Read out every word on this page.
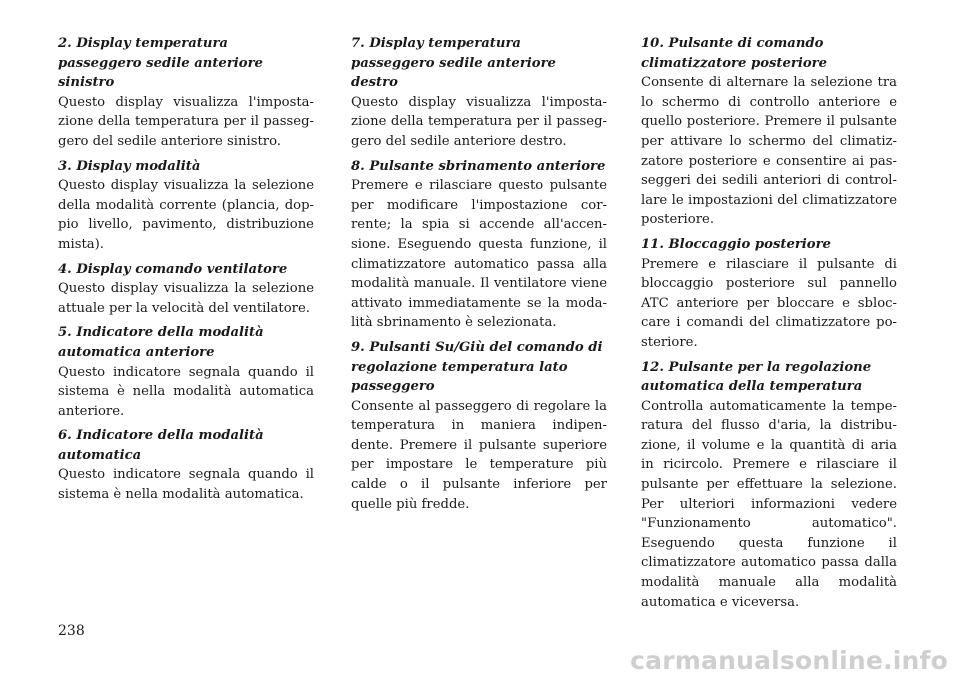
2. Display temperatura passeggero sedile anteriore sinistro

Questo display visualizza l'impostazione della temperatura per il passeggero del sedile anteriore sinistro.

3. Display modalità

Questo display visualizza la selezione della modalità corrente (plancia, doppio livello, pavimento, distribuzione mista).

4. Display comando ventilatore

Questo display visualizza la selezione attuale per la velocità del ventilatore.

5. Indicatore della modalità automatica anteriore

Questo indicatore segnala quando il sistema è nella modalità automatica anteriore.

6. Indicatore della modalità automatica

Questo indicatore segnala quando il sistema è nella modalità automatica.

7. Display temperatura passeggero sedile anteriore destro

Questo display visualizza l'impostazione della temperatura per il passeggero del sedile anteriore destro.

8. Pulsante sbrinamento anteriore

Premere e rilasciare questo pulsante per modificare l'impostazione corrente; la spia si accende all'accensione. Eseguendo questa funzione, il climatizzatore automatico passa alla modalità manuale. Il ventilatore viene attivato immediatamente se la modalità sbrinamento è selezionata.

9. Pulsanti Su/Giù del comando di regolazione temperatura lato passeggero

Consente al passeggero di regolare la temperatura in maniera indipendente. Premere il pulsante superiore per impostare le temperature più calde o il pulsante inferiore per quelle più fredde.

10. Pulsante di comando climatizzatore posteriore

Consente di alternare la selezione tra lo schermo di controllo anteriore e quello posteriore. Premere il pulsante per attivare lo schermo del climatizzatore posteriore e consentire ai passeggeri dei sedili anteriori di controllare le impostazioni del climatizzatore posteriore.

11. Bloccaggio posteriore

Premere e rilasciare il pulsante di bloccaggio posteriore sul pannello ATC anteriore per bloccare e sbloccare i comandi del climatizzatore posteriore.

12. Pulsante per la regolazione automatica della temperatura

Controlla automaticamente la temperatura del flusso d'aria, la distribuzione, il volume e la quantità di aria in ricircolo. Premere e rilasciare il pulsante per effettuare la selezione. Per ulteriori informazioni vedere "Funzionamento automatico". Eseguendo questa funzione il climatizzatore automatico passa dalla modalità manuale alla modalità automatica e viceversa.

238
carmanualsonline.info
